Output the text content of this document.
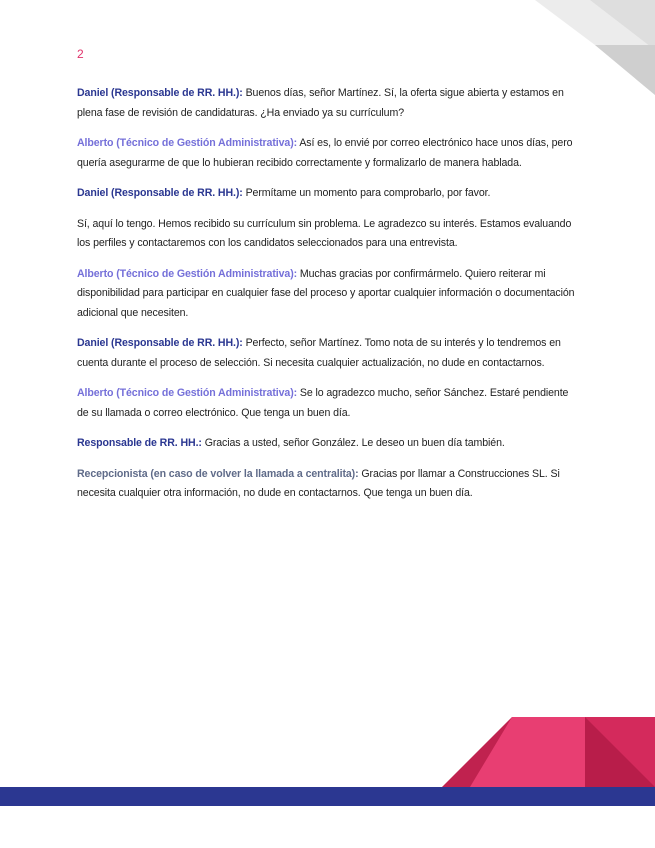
2

Daniel (Responsable de RR. HH.): Buenos días, señor Martínez. Sí, la oferta sigue abierta y estamos en plena fase de revisión de candidaturas. ¿Ha enviado ya su currículum?

Alberto (Técnico de Gestión Administrativa): Así es, lo envié por correo electrónico hace unos días, pero quería asegurarme de que lo hubieran recibido correctamente y formalizarlo de manera hablada.

Daniel (Responsable de RR. HH.): Permítame un momento para comprobarlo, por favor.

Sí, aquí lo tengo. Hemos recibido su currículum sin problema. Le agradezco su interés. Estamos evaluando los perfiles y contactaremos con los candidatos seleccionados para una entrevista.

Alberto (Técnico de Gestión Administrativa): Muchas gracias por confirmármelo. Quiero reiterar mi disponibilidad para participar en cualquier fase del proceso y aportar cualquier información o documentación adicional que necesiten.

Daniel (Responsable de RR. HH.): Perfecto, señor Martínez. Tomo nota de su interés y lo tendremos en cuenta durante el proceso de selección. Si necesita cualquier actualización, no dude en contactarnos.

Alberto (Técnico de Gestión Administrativa): Se lo agradezco mucho, señor Sánchez. Estaré pendiente de su llamada o correo electrónico. Que tenga un buen día.

Responsable de RR. HH.: Gracias a usted, señor González. Le deseo un buen día también.

Recepcionista (en caso de volver la llamada a centralita): Gracias por llamar a Construcciones SL. Si necesita cualquier otra información, no dude en contactarnos. Que tenga un buen día.
